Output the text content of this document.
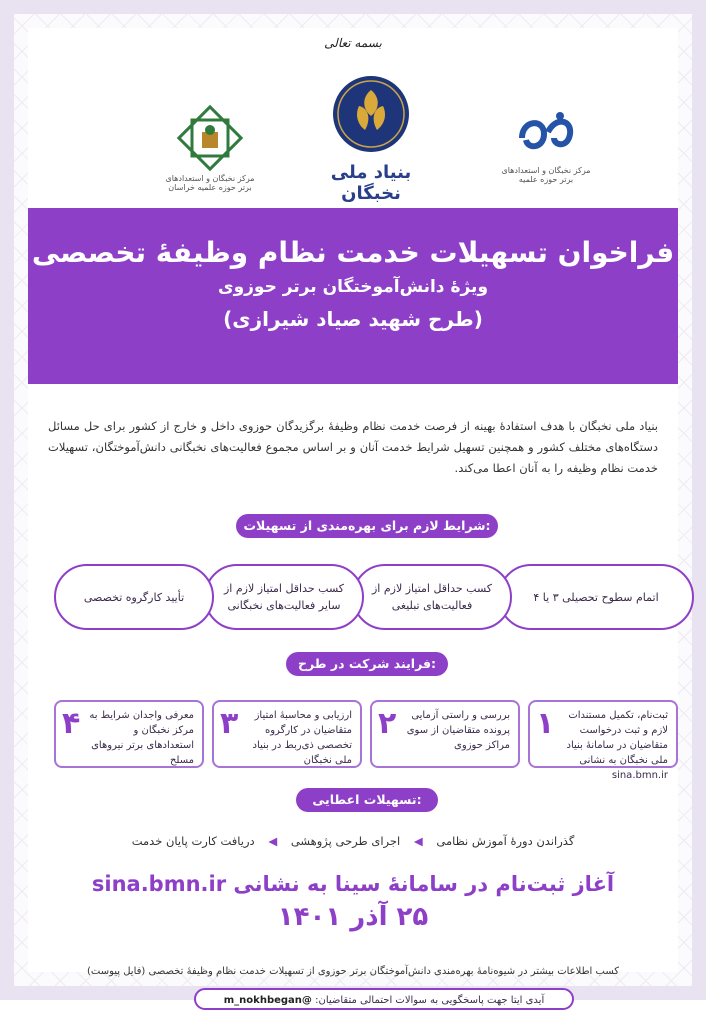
بسمه تعالی
مرکز نخبگان و استعدادهای برتر حوزه علمیه خراسان
بنیاد ملی نخبگان
مرکز نخبگان و استعدادهای برتر حوزه علمیه
فراخوان تسهیلات خدمت نظام وظیفهٔ تخصصی
ویژهٔ دانش‌آموختگان برتر حوزوی
(طرح شهید صیاد شیرازی)
بنیاد ملی نخبگان با هدف استفادهٔ بهینه از فرصت خدمت نظام وظیفهٔ برگزیدگان حوزوی داخل و خارج از کشور برای حل مسائل دستگاه‌های مختلف کشور و همچنین تسهیل شرایط خدمت آنان و بر اساس مجموع فعالیت‌های نخبگانی دانش‌آموختگان، تسهیلات خدمت نظام وظیفه را به آنان اعطا می‌کند.
شرایط لازم برای بهره‌مندی از تسهیلات:
اتمام سطوح تحصیلی ۳ یا ۴
کسب حداقل امتیاز لازم از فعالیت‌های تبلیغی
کسب حداقل امتیاز لازم از سایر فعالیت‌های نخبگانی
تأیید کارگروه تخصصی
فرایند شرکت در طرح:
۱ ثبت‌نام، تکمیل مستندات لازم و ثبت درخواست متقاضیان در سامانهٔ بنیاد ملی نخبگان به نشانی sina.bmn.ir
۲ بررسی و راستی آزمایی پرونده متقاضیان از سوی مراکز حوزوی
۳ ارزیابی و محاسبهٔ امتیاز متقاضیان در کارگروه تخصصی ذی‌ربط در بنیاد ملی نخبگان
۴ معرفی واجدان شرایط به مرکز نخبگان و استعدادهای برتر نیروهای مسلح
تسهیلات اعطایی:
گذراندن دورهٔ آموزش نظامی ◀ اجرای طرحی پژوهشی ◀ دریافت کارت پایان خدمت
آغاز ثبت‌نام در سامانهٔ سینا به نشانی sina.bmn.ir
۲۵ آذر ۱۴۰۱
کسب اطلاعات بیشتر در شیوه‌نامهٔ بهره‌مندی دانش‌آموختگان برتر حوزوی از تسهیلات خدمت نظام وظیفهٔ تخصصی (فایل پیوست)
آیدی ایتا جهت پاسخگویی به سوالات احتمالی متقاضیان: @m_nokhbegan
